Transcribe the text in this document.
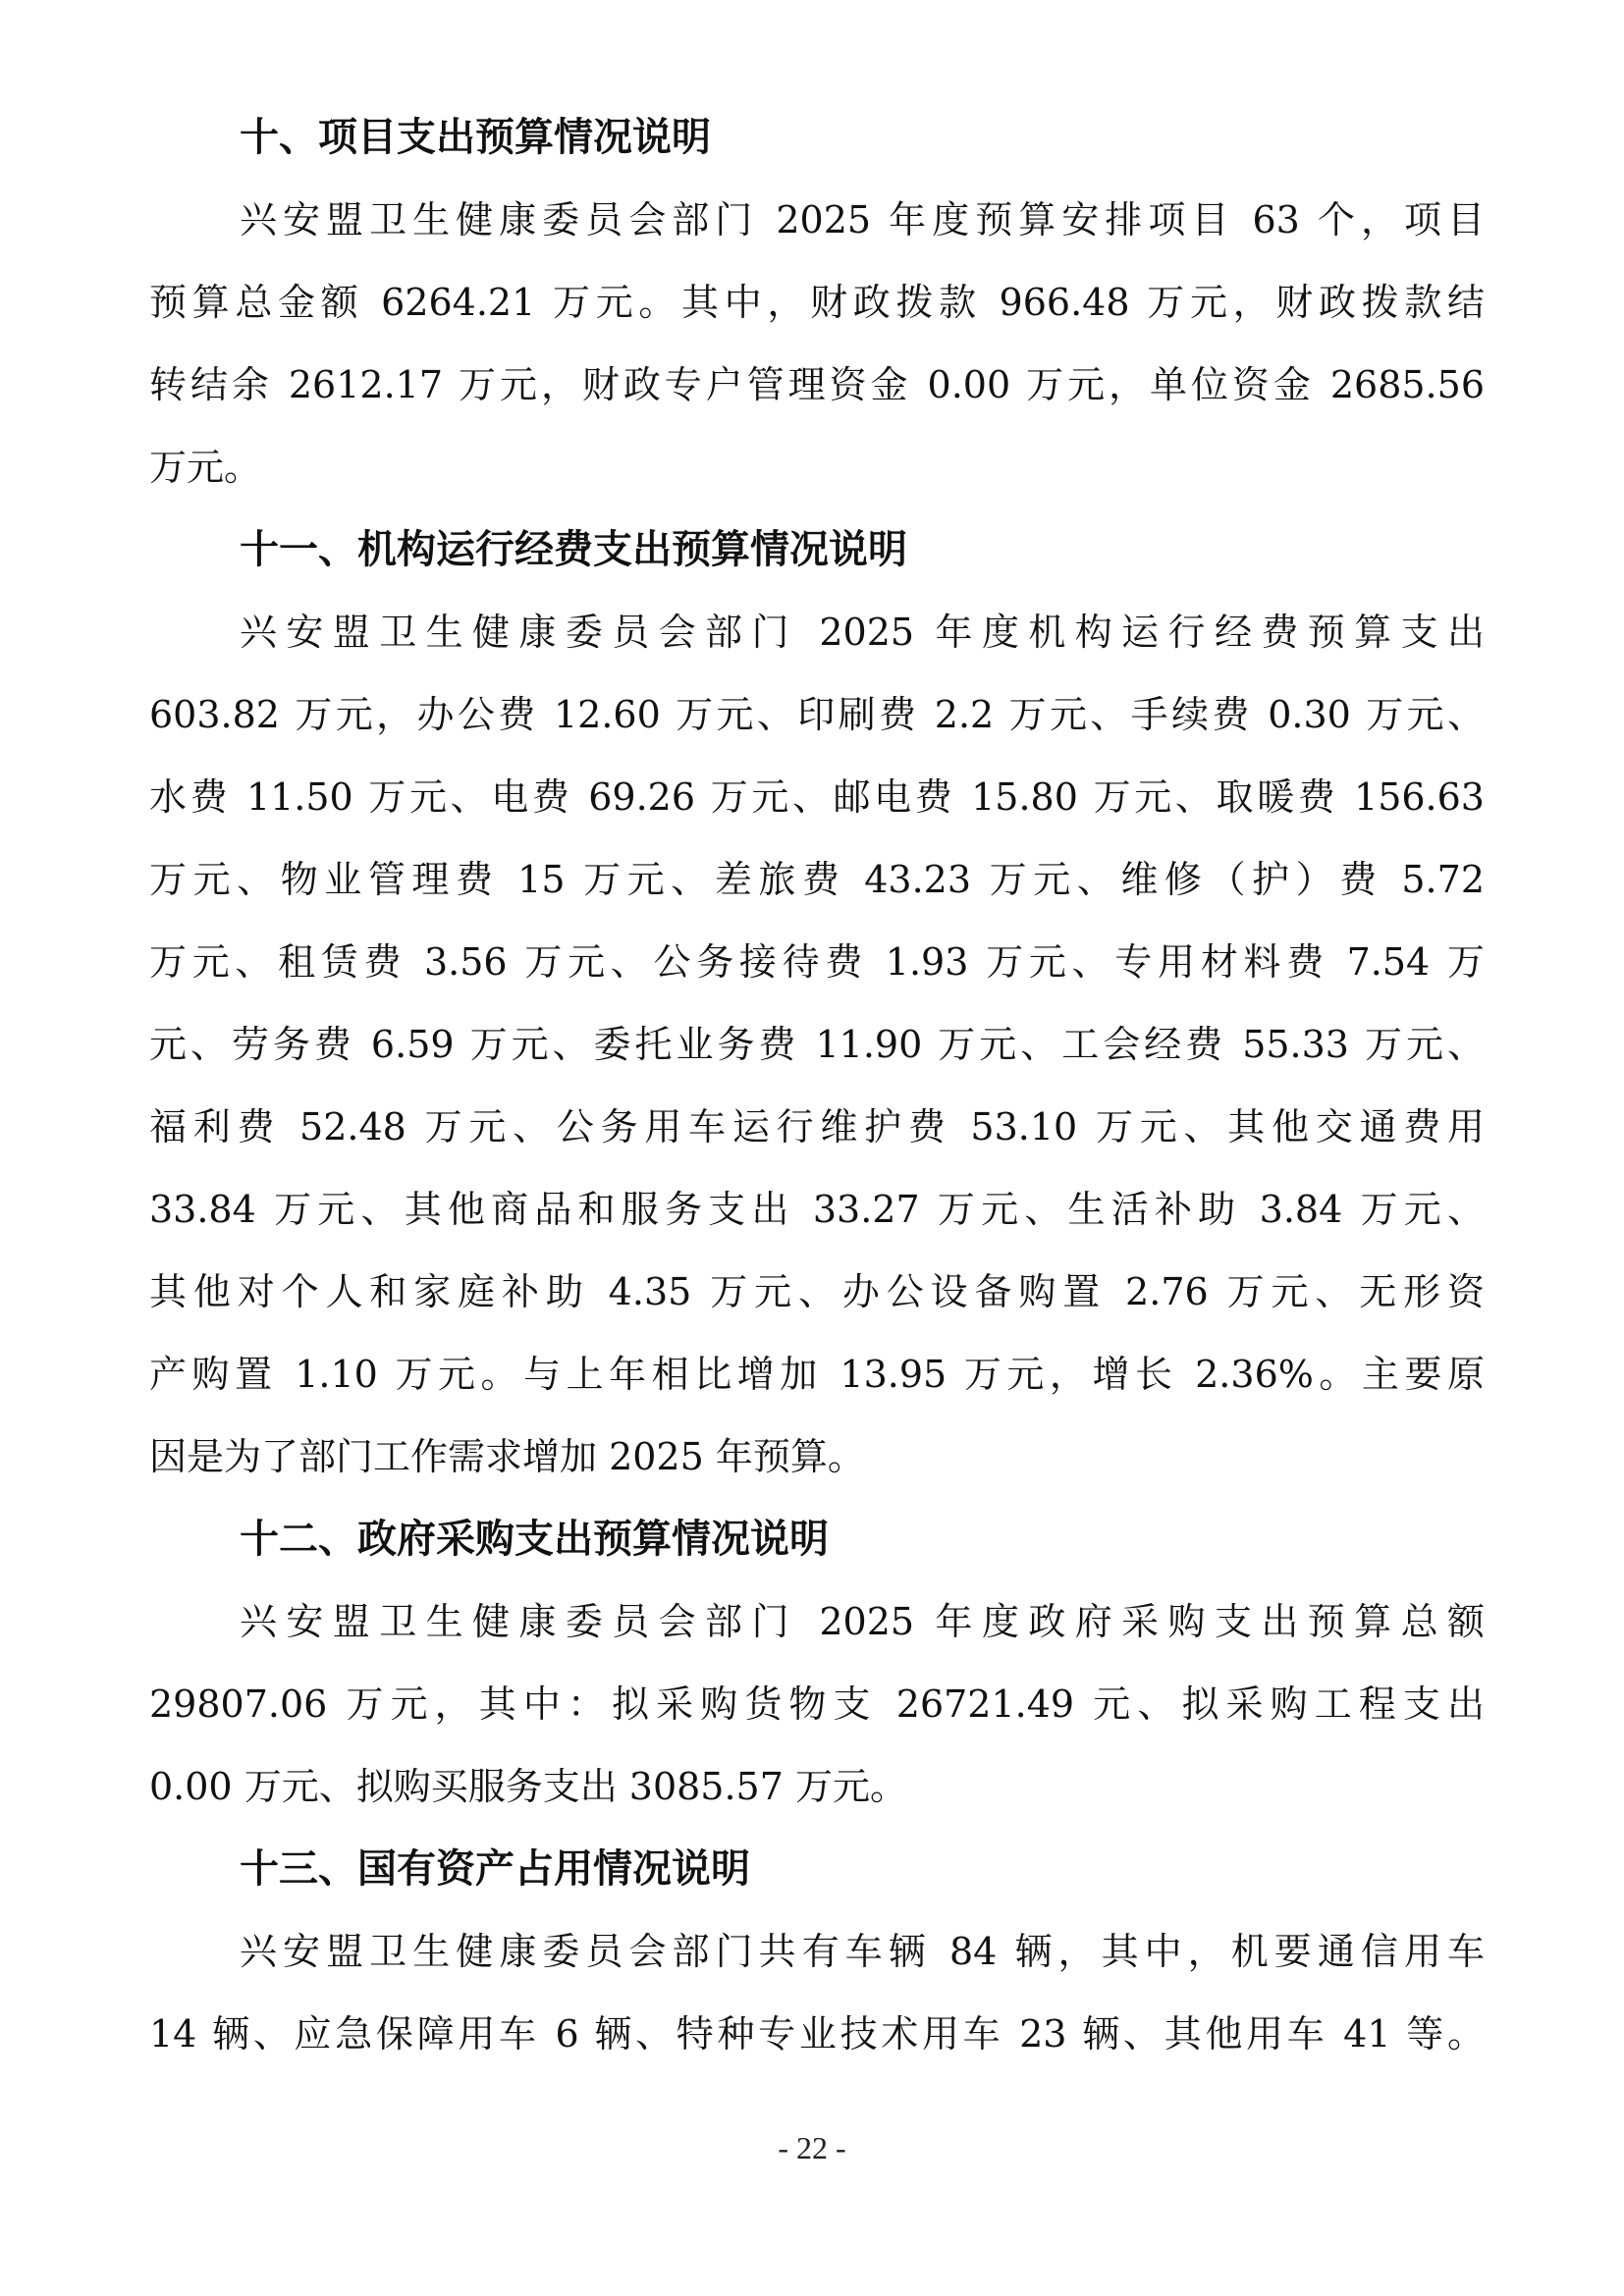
十、项目支出预算情况说明
兴安盟卫生健康委员会部门 2025 年度预算安排项目 63 个，项目
预算总金额 6264.21 万元。其中，财政拨款 966.48 万元，财政拨款结
转结余 2612.17 万元，财政专户管理资金 0.00 万元，单位资金 2685.56
万元。
十一、机构运行经费支出预算情况说明
兴安盟卫生健康委员会部门 2025 年度机构运行经费预算支出
603.82 万元，办公费 12.60 万元、印刷费 2.2 万元、手续费 0.30 万元、
水费 11.50 万元、电费 69.26 万元、邮电费 15.80 万元、取暖费 156.63
万元、物业管理费 15 万元、差旅费 43.23 万元、维修（护）费 5.72
万元、租赁费 3.56 万元、公务接待费 1.93 万元、专用材料费 7.54 万
元、劳务费 6.59 万元、委托业务费 11.90 万元、工会经费 55.33 万元、
福利费 52.48 万元、公务用车运行维护费 53.10 万元、其他交通费用
33.84 万元、其他商品和服务支出 33.27 万元、生活补助 3.84 万元、
其他对个人和家庭补助 4.35 万元、办公设备购置 2.76 万元、无形资
产购置 1.10 万元。与上年相比增加 13.95 万元，增长 2.36%。主要原
因是为了部门工作需求增加 2025 年预算。
十二、政府采购支出预算情况说明
兴安盟卫生健康委员会部门 2025 年度政府采购支出预算总额
29807.06 万元，其中：拟采购货物支 26721.49 元、拟采购工程支出
0.00 万元、拟购买服务支出 3085.57 万元。
十三、国有资产占用情况说明
兴安盟卫生健康委员会部门共有车辆 84 辆，其中，机要通信用车
14 辆、应急保障用车 6 辆、特种专业技术用车 23 辆、其他用车 41 等。
- 22 -
